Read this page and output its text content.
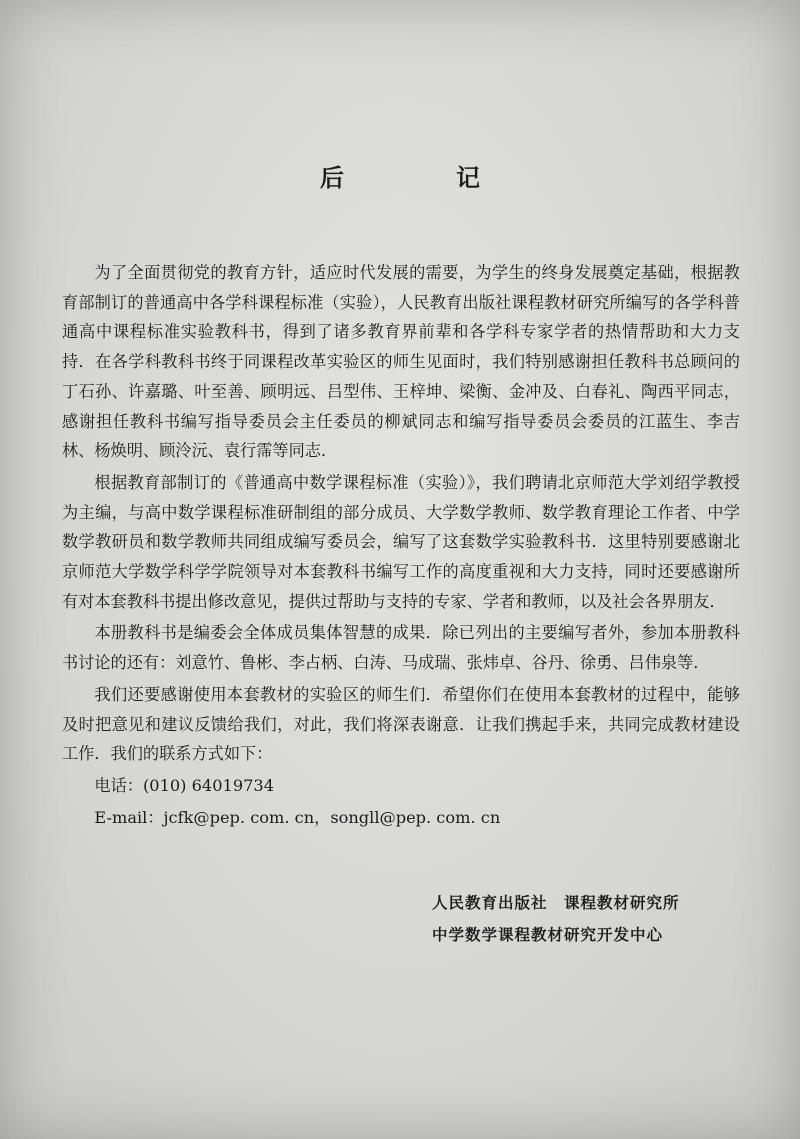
后　记

为了全面贯彻党的教育方针，适应时代发展的需要，为学生的终身发展奠定基础，根据教育部制订的普通高中各学科课程标准（实验），人民教育出版社课程教材研究所编写的各学科普通高中课程标准实验教科书，得到了诸多教育界前辈和各学科专家学者的热情帮助和大力支持．在各学科教科书终于同课程改革实验区的师生见面时，我们特别感谢担任教科书总顾问的丁石孙、许嘉璐、叶至善、顾明远、吕型伟、王梓坤、梁衡、金冲及、白春礼、陶西平同志，感谢担任教科书编写指导委员会主任委员的柳斌同志和编写指导委员会委员的江蓝生、李吉林、杨焕明、顾泠沅、袁行霈等同志．

根据教育部制订的《普通高中数学课程标准（实验）》，我们聘请北京师范大学刘绍学教授为主编，与高中数学课程标准研制组的部分成员、大学数学教师、数学教育理论工作者、中学数学教研员和数学教师共同组成编写委员会，编写了这套数学实验教科书．这里特别要感谢北京师范大学数学科学学院领导对本套教科书编写工作的高度重视和大力支持，同时还要感谢所有对本套教科书提出修改意见，提供过帮助与支持的专家、学者和教师，以及社会各界朋友．

本册教科书是编委会全体成员集体智慧的成果．除已列出的主要编写者外，参加本册教科书讨论的还有：刘意竹、鲁彬、李占柄、白涛、马成瑞、张炜卓、谷丹、徐勇、吕伟泉等．

我们还要感谢使用本套教材的实验区的师生们．希望你们在使用本套教材的过程中，能够及时把意见和建议反馈给我们，对此，我们将深表谢意．让我们携起手来，共同完成教材建设工作．我们的联系方式如下：

电话：(010) 64019734

E-mail：jcfk@pep. com. cn，songll@pep. com. cn

人民教育出版社　课程教材研究所
中学数学课程教材研究开发中心
